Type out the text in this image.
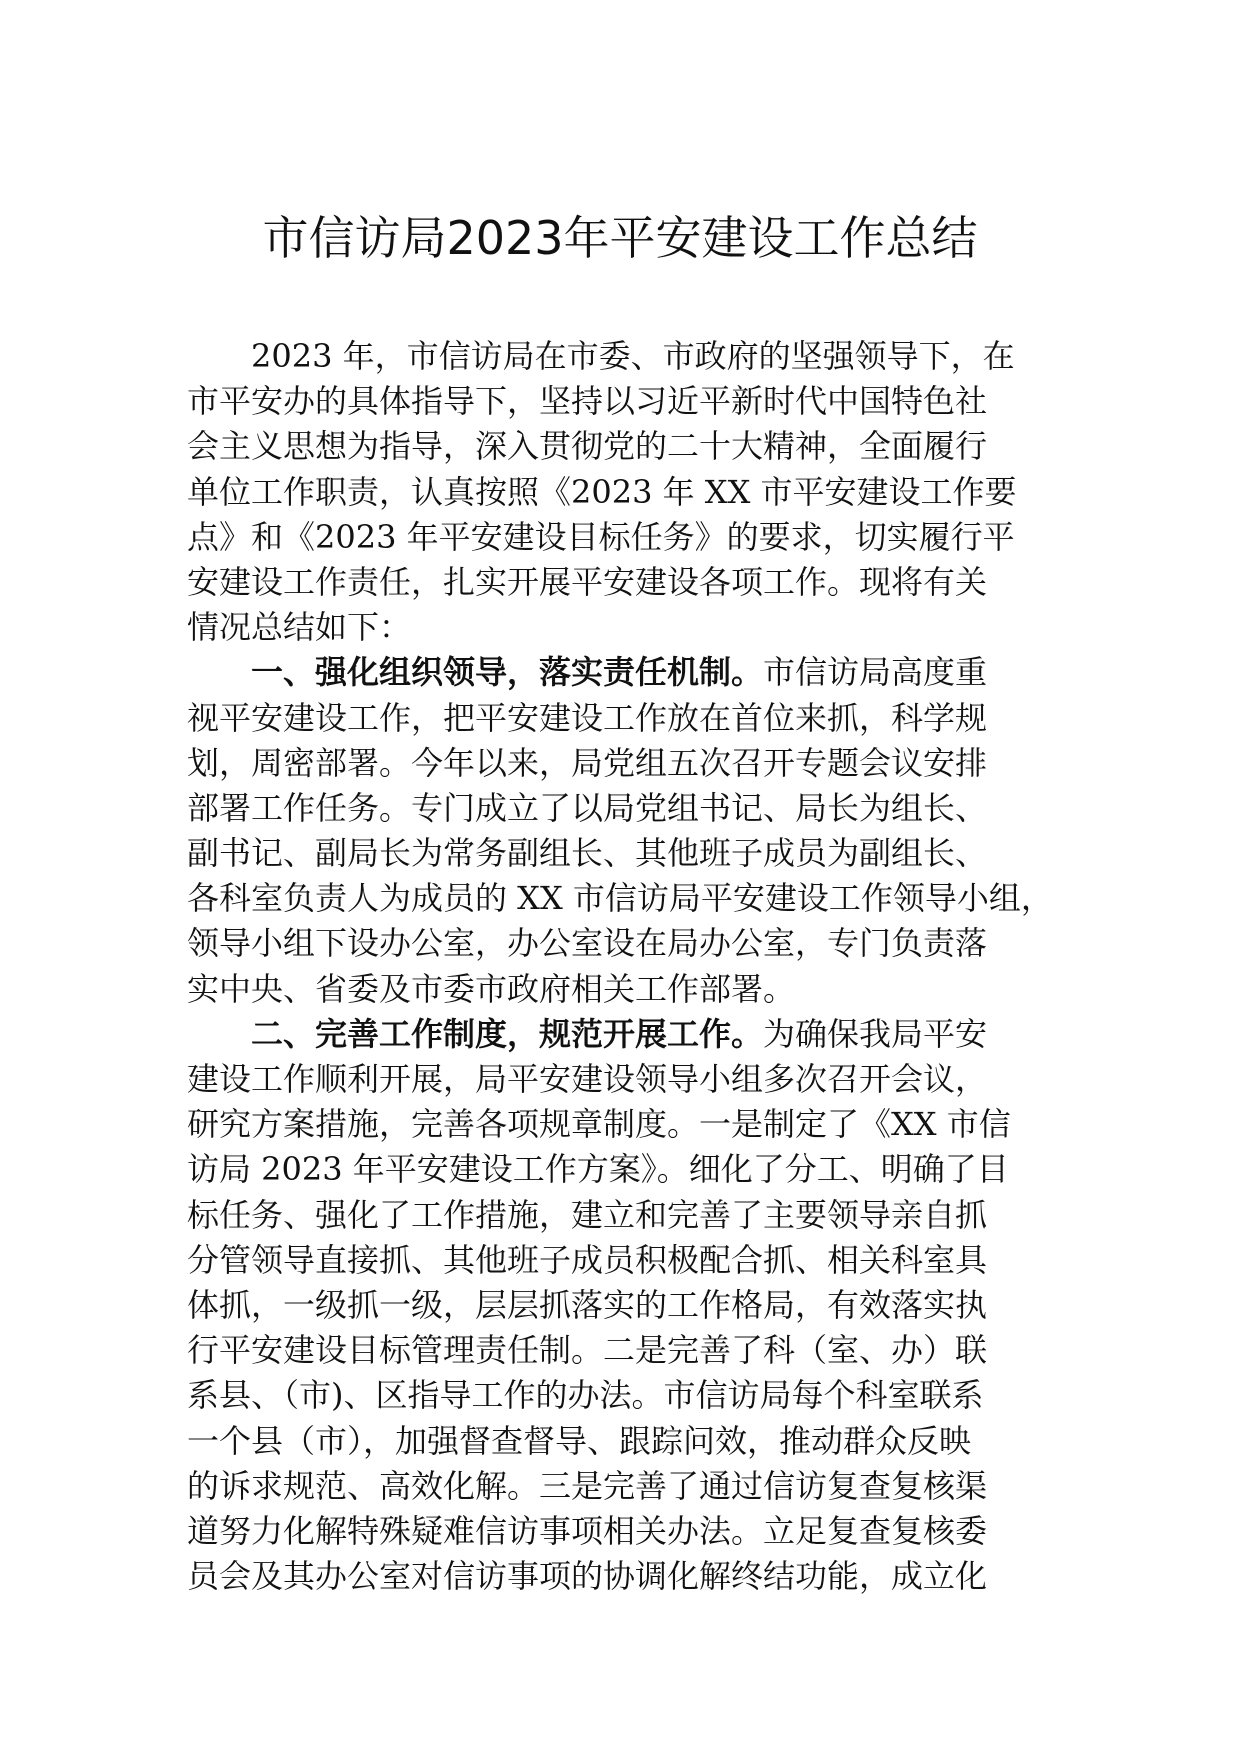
市信访局2023年平安建设工作总结
2023 年，市信访局在市委、市政府的坚强领导下，在
市平安办的具体指导下，坚持以习近平新时代中国特色社
会主义思想为指导，深入贯彻党的二十大精神，全面履行
单位工作职责，认真按照《2023 年 XX 市平安建设工作要
点》和《2023 年平安建设目标任务》的要求，切实履行平
安建设工作责任，扎实开展平安建设各项工作。现将有关
情况总结如下：
一、强化组织领导，落实责任机制。市信访局高度重
视平安建设工作，把平安建设工作放在首位来抓，科学规
划，周密部署。今年以来，局党组五次召开专题会议安排
部署工作任务。专门成立了以局党组书记、局长为组长、
副书记、副局长为常务副组长、其他班子成员为副组长、
各科室负责人为成员的 XX 市信访局平安建设工作领导小组，
领导小组下设办公室，办公室设在局办公室，专门负责落
实中央、省委及市委市政府相关工作部署。
二、完善工作制度，规范开展工作。为确保我局平安
建设工作顺利开展，局平安建设领导小组多次召开会议，
研究方案措施，完善各项规章制度。一是制定了《XX 市信
访局 2023 年平安建设工作方案》。细化了分工、明确了目
标任务、强化了工作措施，建立和完善了主要领导亲自抓
分管领导直接抓、其他班子成员积极配合抓、相关科室具
体抓，一级抓一级，层层抓落实的工作格局，有效落实执
行平安建设目标管理责任制。二是完善了科（室、办）联
系县、（市)、区指导工作的办法。市信访局每个科室联系
一个县（市），加强督查督导、跟踪问效，推动群众反映
的诉求规范、高效化解。三是完善了通过信访复查复核渠
道努力化解特殊疑难信访事项相关办法。立足复查复核委
员会及其办公室对信访事项的协调化解终结功能，成立化
